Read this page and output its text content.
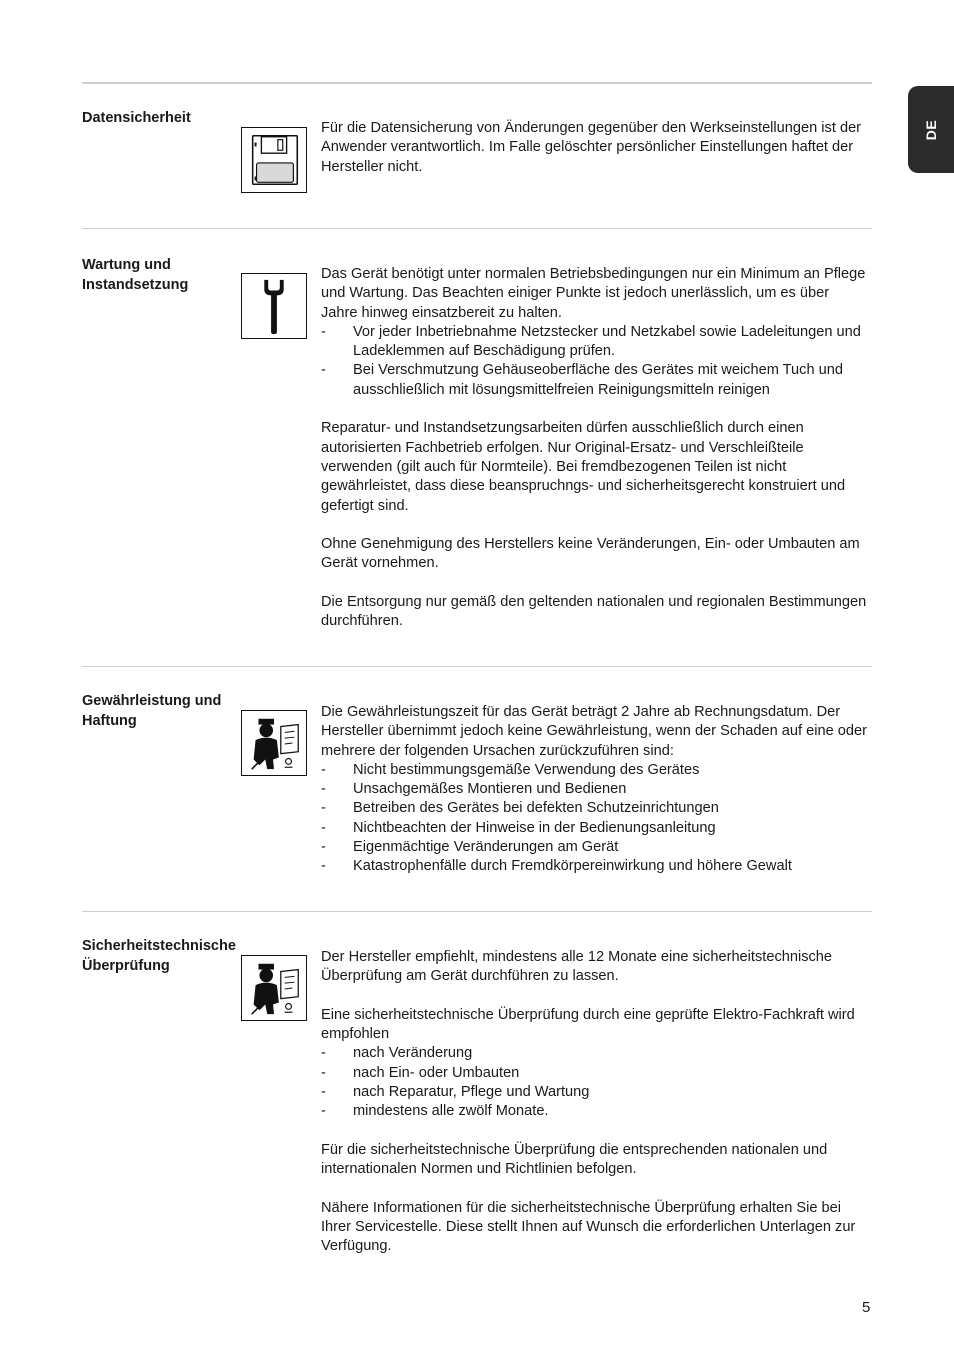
DE
Datensicherheit

Für die Datensicherung von Änderungen gegenüber den Werkseinstellungen ist der Anwender verantwortlich. Im Falle gelöschter persönlicher Einstellungen haftet der Hersteller nicht.

Wartung und Instandsetzung

Das Gerät benötigt unter normalen Betriebsbedingungen nur ein Minimum an Pflege und Wartung. Das Beachten einiger Punkte ist jedoch unerlässlich, um es über Jahre hinweg einsatzbereit zu halten.

- Vor jeder Inbetriebnahme Netzstecker und Netzkabel sowie Ladeleitungen und Ladeklemmen auf Beschädigung prüfen.
- Bei Verschmutzung Gehäuseoberfläche des Gerätes mit weichem Tuch und ausschließlich mit lösungsmittelfreien Reinigungsmitteln reinigen

Reparatur- und Instandsetzungsarbeiten dürfen ausschließlich durch einen autorisierten Fachbetrieb erfolgen. Nur Original-Ersatz- und Verschleißteile verwenden (gilt auch für Normteile). Bei fremdbezogenen Teilen ist nicht gewährleistet, dass diese beanspruchngs- und sicherheitsgerecht konstruiert und gefertigt sind.

Ohne Genehmigung des Herstellers keine Veränderungen, Ein- oder Umbauten am Gerät vornehmen.

Die Entsorgung nur gemäß den geltenden nationalen und regionalen Bestimmungen durchführen.

Gewährleistung und Haftung

Die Gewährleistungszeit für das Gerät beträgt 2 Jahre ab Rechnungsdatum. Der Hersteller übernimmt jedoch keine Gewährleistung, wenn der Schaden auf eine oder mehrere der folgenden Ursachen zurückzuführen sind:

- Nicht bestimmungsgemäße Verwendung des Gerätes
- Unsachgemäßes Montieren und Bedienen
- Betreiben des Gerätes bei defekten Schutzeinrichtungen
- Nichtbeachten der Hinweise in der Bedienungsanleitung
- Eigenmächtige Veränderungen am Gerät
- Katastrophenfälle durch Fremdkörpereinwirkung und höhere Gewalt
Sicherheitstechnische Überprüfung

Der Hersteller empfiehlt, mindestens alle 12 Monate eine sicherheitstechnische Überprüfung am Gerät durchführen zu lassen.

Eine sicherheitstechnische Überprüfung durch eine geprüfte Elektro-Fachkraft wird empfohlen

- nach Veränderung
- nach Ein- oder Umbauten
- nach Reparatur, Pflege und Wartung
- mindestens alle zwölf Monate.

Für die sicherheitstechnische Überprüfung die entsprechenden nationalen und internationalen Normen und Richtlinien befolgen.

Nähere Informationen für die sicherheitstechnische Überprüfung erhalten Sie bei Ihrer Servicestelle. Diese stellt Ihnen auf Wunsch die erforderlichen Unterlagen zur Verfügung.

5
